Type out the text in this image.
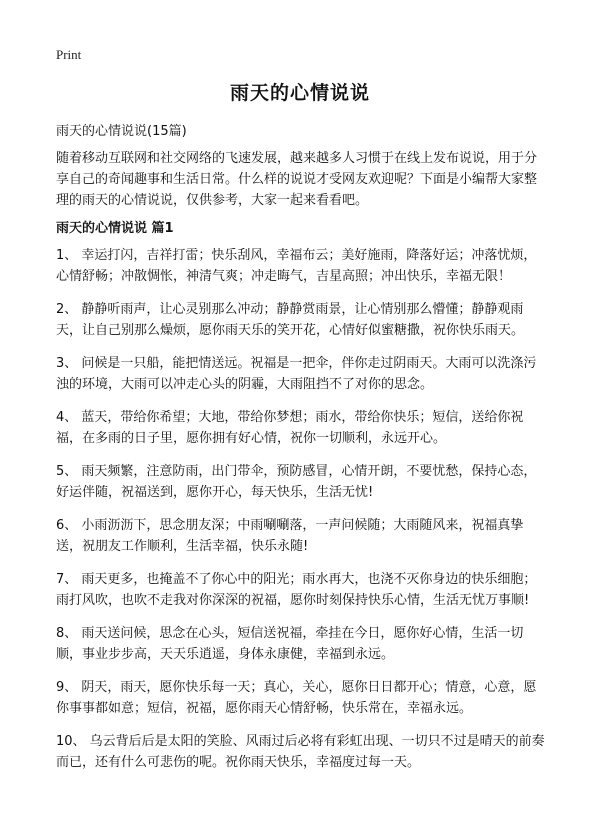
Print
雨天的心情说说
雨天的心情说说(15篇)
随着移动互联网和社交网络的飞速发展，越来越多人习惯于在线上发布说说，用于分享自己的奇闻趣事和生活日常。什么样的说说才受网友欢迎呢？下面是小编帮大家整理的雨天的心情说说，仅供参考，大家一起来看看吧。
雨天的心情说说 篇1

1、 幸运打闪，吉祥打雷；快乐刮风，幸福布云；美好施雨，降落好运；冲落忧烦，心情舒畅；冲散惆怅，神清气爽；冲走晦气，吉星高照；冲出快乐，幸福无限！

2、 静静听雨声，让心灵别那么冲动；静静赏雨景，让心情别那么懵懂；静静观雨天，让自己别那么燥烦，愿你雨天乐的笑开花，心情好似蜜糖撒，祝你快乐雨天。

3、 问候是一只船，能把情送远。祝福是一把伞，伴你走过阴雨天。大雨可以洗涤污浊的环境，大雨可以冲走心头的阴霾，大雨阻挡不了对你的思念。

4、 蓝天，带给你希望；大地，带给你梦想；雨水，带给你快乐；短信，送给你祝福，在多雨的日子里，愿你拥有好心情，祝你一切顺利，永远开心。

5、 雨天频繁，注意防雨，出门带伞，预防感冒，心情开朗，不要忧愁，保持心态，好运伴随，祝福送到，愿你开心，每天快乐，生活无忧!

6、 小雨沥沥下，思念朋友深；中雨唰唰落，一声问候随；大雨随风来，祝福真挚送，祝朋友工作顺利，生活幸福，快乐永随!

7、 雨天更多，也掩盖不了你心中的阳光；雨水再大，也浇不灭你身边的快乐细胞；雨打风吹，也吹不走我对你深深的祝福，愿你时刻保持快乐心情，生活无忧万事顺!

8、 雨天送问候，思念在心头，短信送祝福，牵挂在今日，愿你好心情，生活一切顺，事业步步高，天天乐逍遥，身体永康健，幸福到永远。

9、 阴天，雨天，愿你快乐每一天；真心，关心，愿你日日都开心；情意，心意，愿你事事都如意；短信，祝福，愿你雨天心情舒畅，快乐常在，幸福永远。

10、 乌云背后后是太阳的笑脸、风雨过后必将有彩虹出现、一切只不过是晴天的前奏而已，还有什么可悲伤的呢。祝你雨天快乐，幸福度过每一天。
